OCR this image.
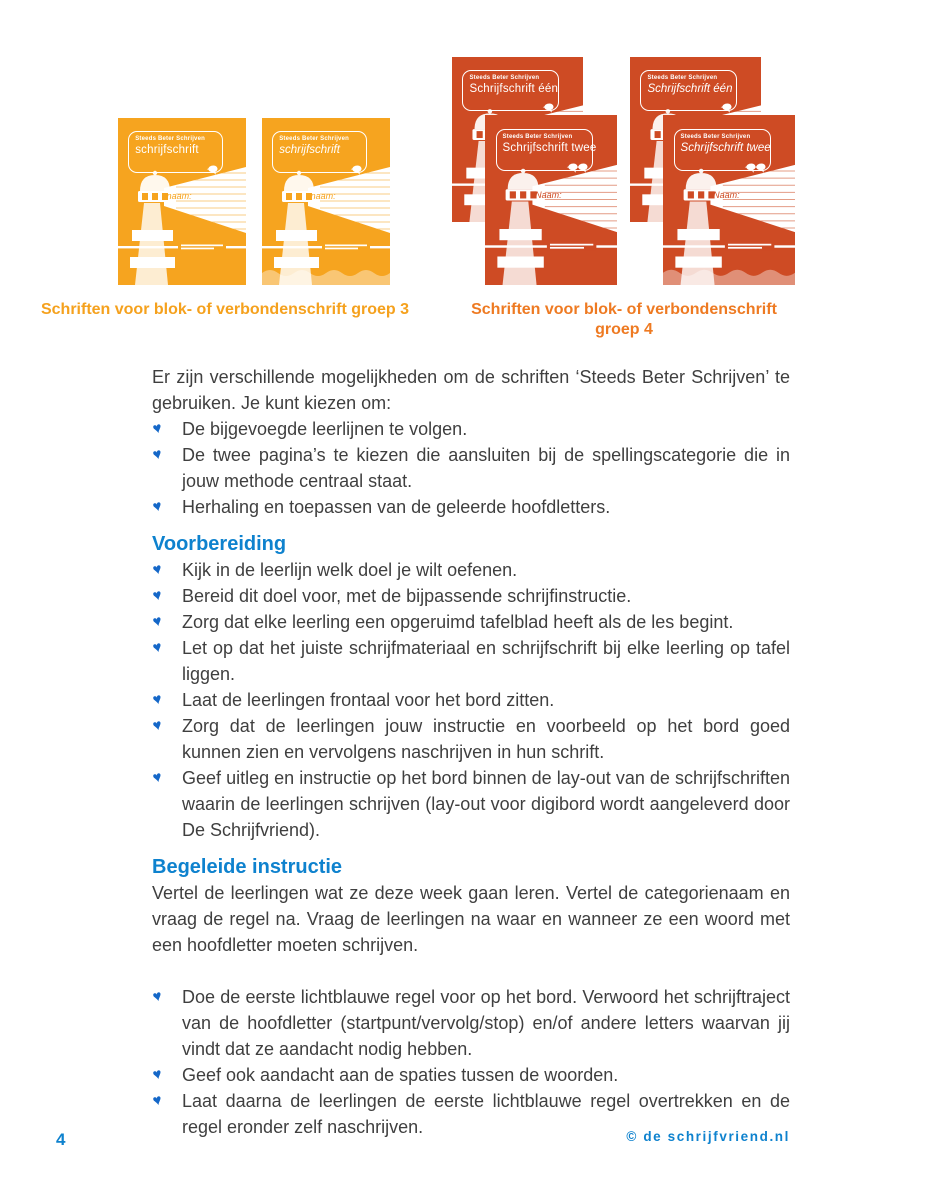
Steeds Beter Schrijven
schrijfschrift
naam:
Steeds Beter Schrijven
schrijfschrift
naam:
Steeds Beter Schrijven
Schrijfschrift één
Steeds Beter Schrijven
Schrijfschrift twee
Naam:
Steeds Beter Schrijven
Schrijfschrift één
Steeds Beter Schrijven
Schrijfschrift twee
Naam:
Schriften voor blok- of verbondenschrift groep 3	Schriften voor blok- of verbondenschrift groep 4

Er zijn verschillende mogelijkheden om de schriften ‘Steeds Beter Schrijven’ te gebruiken. Je kunt kiezen om:

♥ De bijgevoegde leerlijnen te volgen.
♥ De twee pagina’s te kiezen die aansluiten bij de spellingscategorie die in jouw methode centraal staat.
♥ Herhaling en toepassen van de geleerde hoofdletters.
Voorbereiding
♥ Kijk in de leerlijn welk doel je wilt oefenen.
♥ Bereid dit doel voor, met de bijpassende schrijfinstructie.
♥ Zorg dat elke leerling een opgeruimd tafelblad heeft als de les begint.
♥ Let op dat het juiste schrijfmateriaal en schrijfschrift bij elke leerling op tafel liggen.
♥ Laat de leerlingen frontaal voor het bord zitten.
♥ Zorg dat de leerlingen jouw instructie en voorbeeld op het bord goed kunnen zien en vervolgens naschrijven in hun schrift.
♥ Geef uitleg en instructie op het bord binnen de lay-out van de schrijfschriften waarin de leerlingen schrijven (lay-out voor digibord wordt aangeleverd door De Schrijfvriend).
Begeleide instructie

Vertel de leerlingen wat ze deze week gaan leren. Vertel de categorienaam en vraag de regel na. Vraag de leerlingen na waar en wanneer ze een woord met een hoofdletter moeten schrijven.

♥ Doe de eerste lichtblauwe regel voor op het bord. Verwoord het schrijftraject van de hoofdletter (startpunt/vervolg/stop) en/of andere letters waarvan jij vindt dat ze aandacht nodig hebben.
♥ Geef ook aandacht aan de spaties tussen de woorden.
♥ Laat daarna de leerlingen de eerste lichtblauwe regel overtrekken en de regel eronder zelf naschrijven.
4	© de schrijfvriend.nl
